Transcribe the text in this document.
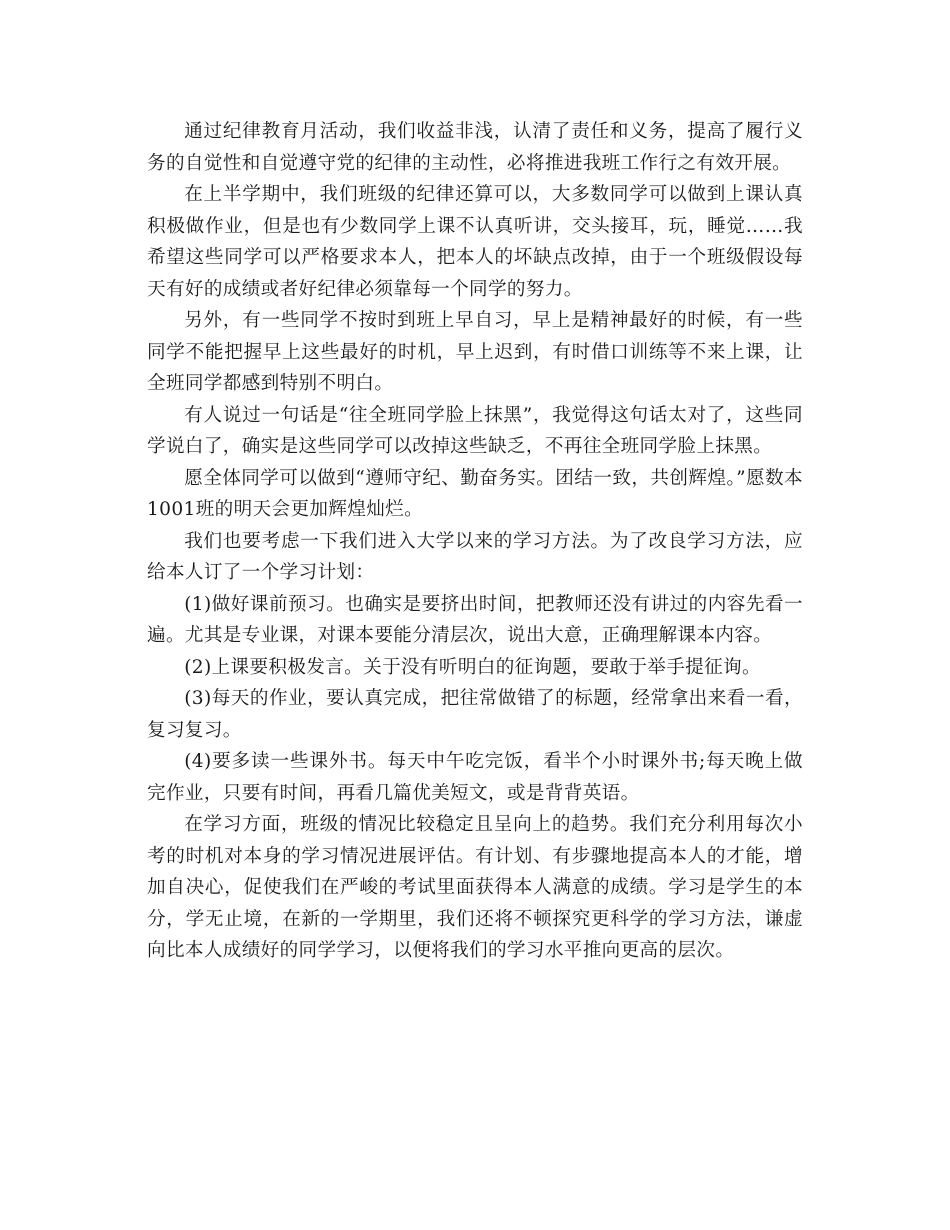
通过纪律教育月活动，我们收益非浅，认清了责任和义务，提高了履行义务的自觉性和自觉遵守党的纪律的主动性，必将推进我班工作行之有效开展。

在上半学期中，我们班级的纪律还算可以，大多数同学可以做到上课认真积极做作业，但是也有少数同学上课不认真听讲，交头接耳，玩，睡觉……我希望这些同学可以严格要求本人，把本人的坏缺点改掉，由于一个班级假设每天有好的成绩或者好纪律必须靠每一个同学的努力。

另外，有一些同学不按时到班上早自习，早上是精神最好的时候，有一些同学不能把握早上这些最好的时机，早上迟到，有时借口训练等不来上课，让全班同学都感到特别不明白。

有人说过一句话是“往全班同学脸上抹黑”，我觉得这句话太对了，这些同学说白了，确实是这些同学可以改掉这些缺乏，不再往全班同学脸上抹黑。

愿全体同学可以做到“遵师守纪、勤奋务实。团结一致，共创辉煌。”愿数本1001班的明天会更加辉煌灿烂。

我们也要考虑一下我们进入大学以来的学习方法。为了改良学习方法，应给本人订了一个学习计划：

(1)做好课前预习。也确实是要挤出时间，把教师还没有讲过的内容先看一遍。尤其是专业课，对课本要能分清层次，说出大意，正确理解课本内容。

(2)上课要积极发言。关于没有听明白的征询题，要敢于举手提征询。

(3)每天的作业，要认真完成，把往常做错了的标题，经常拿出来看一看，复习复习。

(4)要多读一些课外书。每天中午吃完饭，看半个小时课外书;每天晚上做完作业，只要有时间，再看几篇优美短文，或是背背英语。

在学习方面，班级的情况比较稳定且呈向上的趋势。我们充分利用每次小考的时机对本身的学习情况进展评估。有计划、有步骤地提高本人的才能，增加自决心，促使我们在严峻的考试里面获得本人满意的成绩。学习是学生的本分，学无止境，在新的一学期里，我们还将不顿探究更科学的学习方法，谦虚向比本人成绩好的同学学习，以便将我们的学习水平推向更高的层次。
